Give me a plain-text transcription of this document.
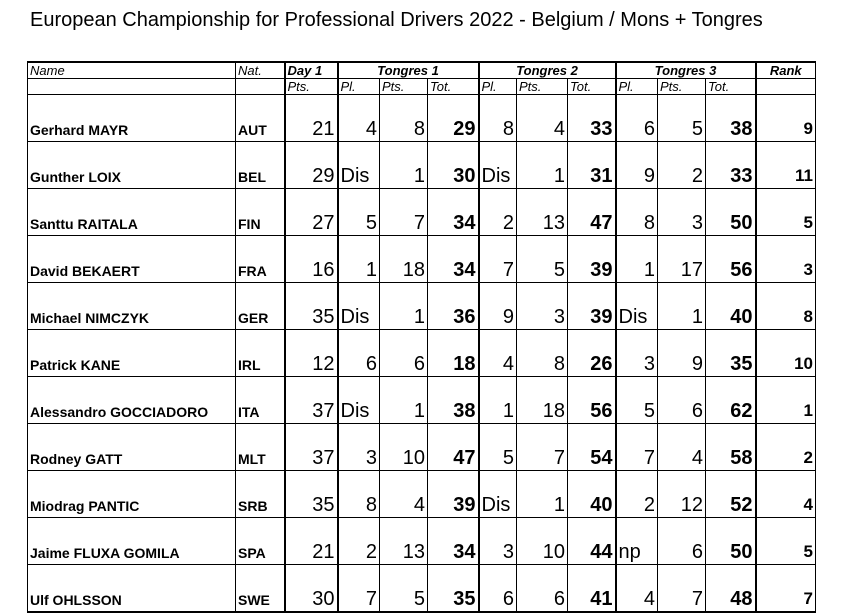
European Championship for Professional Drivers 2022 - Belgium / Mons + Tongres
Name	Nat.	Day 1	Tongres 1			Tongres 2			Tongres 3			Rank
		Pts.	Pl.	Pts.	Tot.	Pl.	Pts.	Tot.	Pl.	Pts.	Tot.	
Gerhard MAYR	AUT	21	4	8	29	8	4	33	6	5	38	9
Gunther LOIX	BEL	29	Dis	1	30	Dis	1	31	9	2	33	11
Santtu RAITALA	FIN	27	5	7	34	2	13	47	8	3	50	5
David BEKAERT	FRA	16	1	18	34	7	5	39	1	17	56	3
Michael NIMCZYK	GER	35	Dis	1	36	9	3	39	Dis	1	40	8
Patrick KANE	IRL	12	6	6	18	4	8	26	3	9	35	10
Alessandro GOCCIADORO	ITA	37	Dis	1	38	1	18	56	5	6	62	1
Rodney GATT	MLT	37	3	10	47	5	7	54	7	4	58	2
Miodrag PANTIC	SRB	35	8	4	39	Dis	1	40	2	12	52	4
Jaime FLUXA GOMILA	SPA	21	2	13	34	3	10	44	np	6	50	5
Ulf OHLSSON	SWE	30	7	5	35	6	6	41	4	7	48	7
